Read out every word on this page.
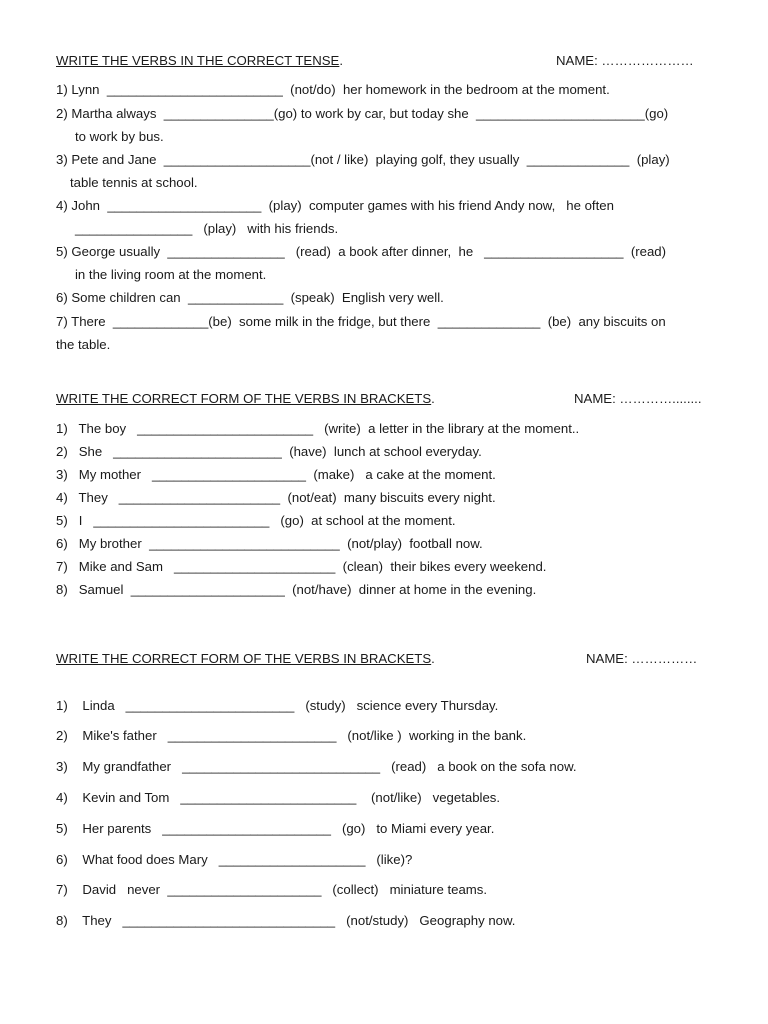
WRITE THE VERBS IN THE CORRECT TENSE.	NAME: …………………
1) Lynn  ________________________  (not/do)  her homework in the bedroom at the moment.
2) Martha always  _______________(go) to work by car, but today she  _______________________(go)
to work by bus.
3) Pete and Jane  ____________________(not / like)  playing golf, they usually  ______________  (play)
table tennis at school.
4) John  _____________________  (play)  computer games with his friend Andy now,   he often
________________   (play)   with his friends.
5) George usually  ________________   (read)  a book after dinner,  he   ___________________  (read)
in the living room at the moment.
6) Some children can  _____________  (speak)  English very well.
7) There  _____________(be)  some milk in the fridge, but there  ______________  (be)  any biscuits on
the table.
WRITE THE CORRECT FORM OF THE VERBS IN BRACKETS.	NAME: …………........
1)   The boy   ________________________   (write)  a letter in the library at the moment..
2)   She   _______________________  (have)  lunch at school everyday.
3)   My mother   _____________________  (make)   a cake at the moment.
4)   They   ______________________  (not/eat)  many biscuits every night.
5)   I   ________________________   (go)  at school at the moment.
6)   My brother  __________________________  (not/play)  football now.
7)   Mike and Sam   ______________________  (clean)  their bikes every weekend.
8)   Samuel  _____________________  (not/have)  dinner at home in the evening.
WRITE THE CORRECT FORM OF THE VERBS IN BRACKETS.	NAME: ……………
1)    Linda   _______________________   (study)   science every Thursday.
2)    Mike's father   _______________________   (not/like )  working in the bank.
3)    My grandfather   ___________________________   (read)   a book on the sofa now.
4)    Kevin and Tom   ________________________    (not/like)   vegetables.
5)    Her parents   _______________________   (go)   to Miami every year.
6)    What food does Mary   ____________________   (like)?
7)    David   never  _____________________   (collect)   miniature teams.
8)    They   _____________________________   (not/study)   Geography now.
